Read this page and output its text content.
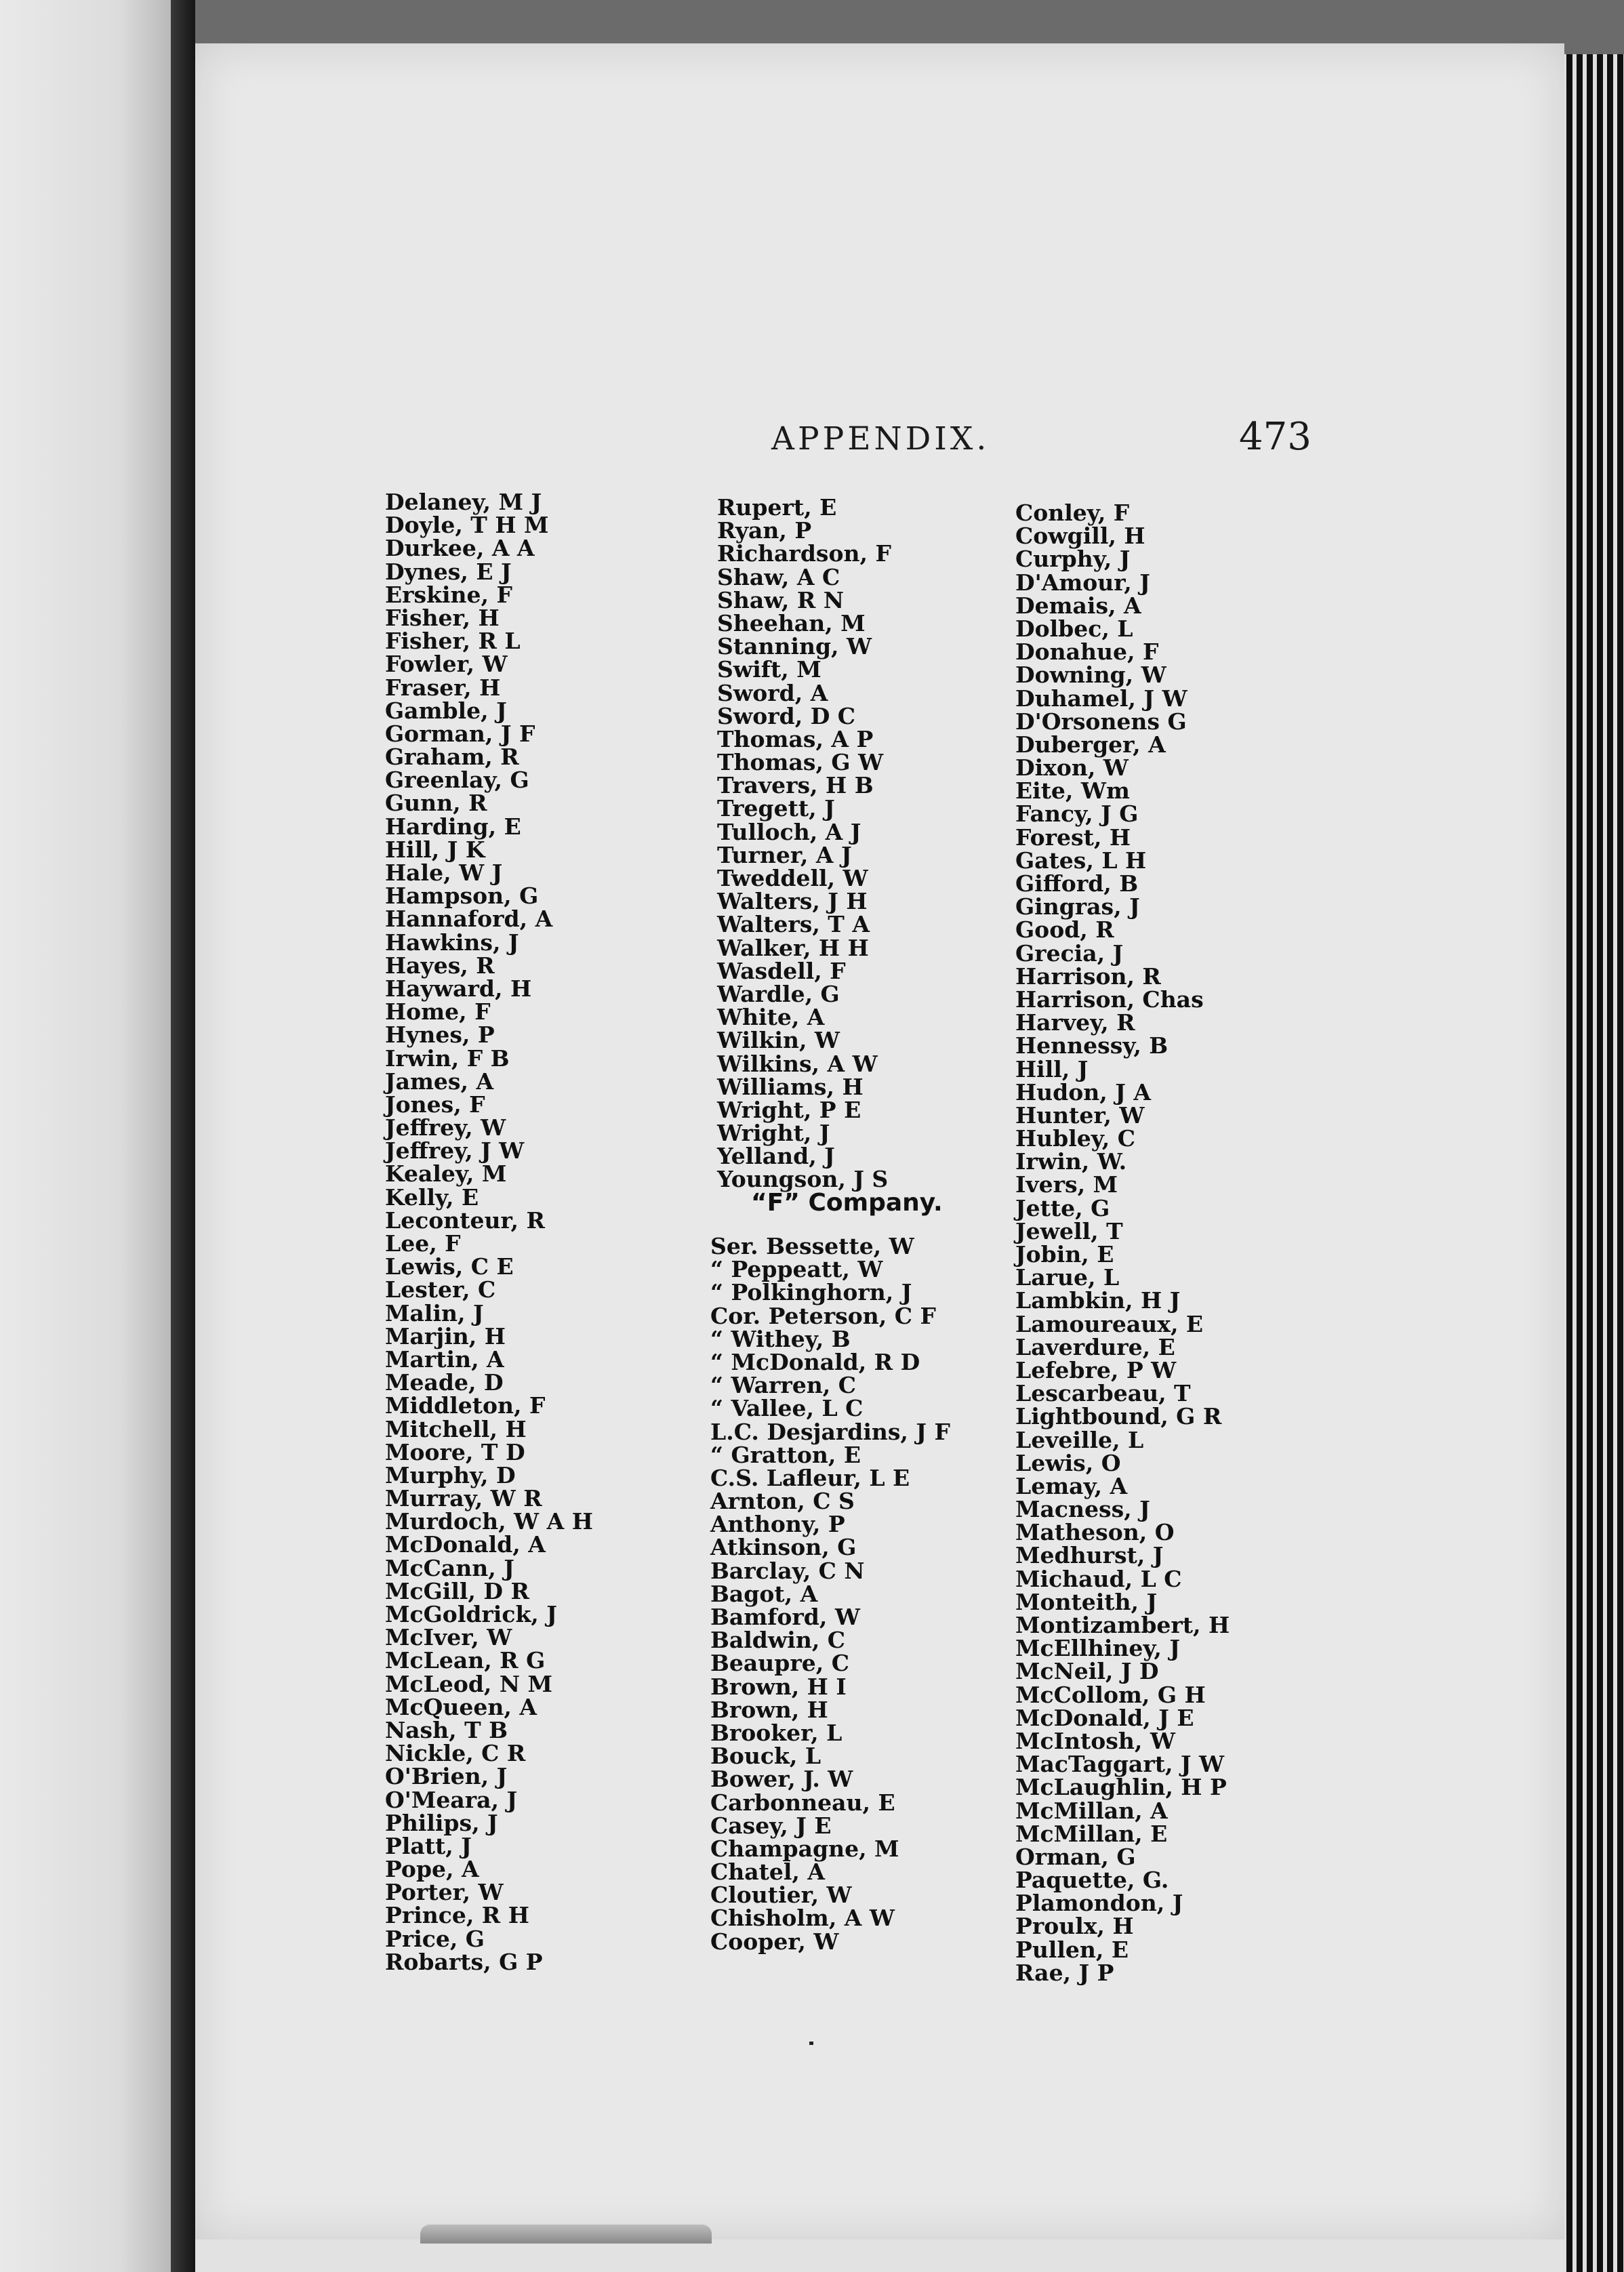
APPENDIX.	473
Delaney, M J
Doyle, T H M
Durkee, A A
Dynes, E J
Erskine, F
Fisher, H
Fisher, R L
Fowler, W
Fraser, H
Gamble, J
Gorman, J F
Graham, R
Greenlay, G
Gunn, R
Harding, E
Hill, J K
Hale, W J
Hampson, G
Hannaford, A
Hawkins, J
Hayes, R
Hayward, H
Home, F
Hynes, P
Irwin, F B
James, A
Jones, F
Jeffrey, W
Jeffrey, J W
Kealey, M
Kelly, E
Leconteur, R
Lee, F
Lewis, C E
Lester, C
Malin, J
Marjin, H
Martin, A
Meade, D
Middleton, F
Mitchell, H
Moore, T D
Murphy, D
Murray, W R
Murdoch, W A H
McDonald, A
McCann, J
McGill, D R
McGoldrick, J
McIver, W
McLean, R G
McLeod, N M
McQueen, A
Nash, T B
Nickle, C R
O'Brien, J
O'Meara, J
Philips, J
Platt, J
Pope, A
Porter, W
Prince, R H
Price, G
Robarts, G P
Rupert, E
Ryan, P
Richardson, F
Shaw, A C
Shaw, R N
Sheehan, M
Stanning, W
Swift, M
Sword, A
Sword, D C
Thomas, A P
Thomas, G W
Travers, H B
Tregett, J
Tulloch, A J
Turner, A J
Tweddell, W
Walters, J H
Walters, T A
Walker, H H
Wasdell, F
Wardle, G
White, A
Wilkin, W
Wilkins, A W
Williams, H
Wright, P E
Wright, J
Yelland, J
Youngson, J S
“F” Company.
Ser. Bessette, W
“ Peppeatt, W
“ Polkinghorn, J
Cor. Peterson, C F
“ Withey, B
“ McDonald, R D
“ Warren, C
“ Vallee, L C
L.C. Desjardins, J F
“ Gratton, E
C.S. Lafleur, L E
Arnton, C S
Anthony, P
Atkinson, G
Barclay, C N
Bagot, A
Bamford, W
Baldwin, C
Beaupre, C
Brown, H I
Brown, H
Brooker, L
Bouck, L
Bower, J. W
Carbonneau, E
Casey, J E
Champagne, M
Chatel, A
Cloutier, W
Chisholm, A W
Cooper, W
Conley, F
Cowgill, H
Curphy, J
D'Amour, J
Demais, A
Dolbec, L
Donahue, F
Downing, W
Duhamel, J W
D'Orsonens G
Duberger, A
Dixon, W
Eite, Wm
Fancy, J G
Forest, H
Gates, L H
Gifford, B
Gingras, J
Good, R
Grecia, J
Harrison, R
Harrison, Chas
Harvey, R
Hennessy, B
Hill, J
Hudon, J A
Hunter, W
Hubley, C
Irwin, W.
Ivers, M
Jette, G
Jewell, T
Jobin, E
Larue, L
Lambkin, H J
Lamoureaux, E
Laverdure, E
Lefebre, P W
Lescarbeau, T
Lightbound, G R
Leveille, L
Lewis, O
Lemay, A
Macness, J
Matheson, O
Medhurst, J
Michaud, L C
Monteith, J
Montizambert, H
McEllhiney, J
McNeil, J D
McCollom, G H
McDonald, J E
McIntosh, W
MacTaggart, J W
McLaughlin, H P
McMillan, A
McMillan, E
Orman, G
Paquette, G.
Plamondon, J
Proulx, H
Pullen, E
Rae, J P
